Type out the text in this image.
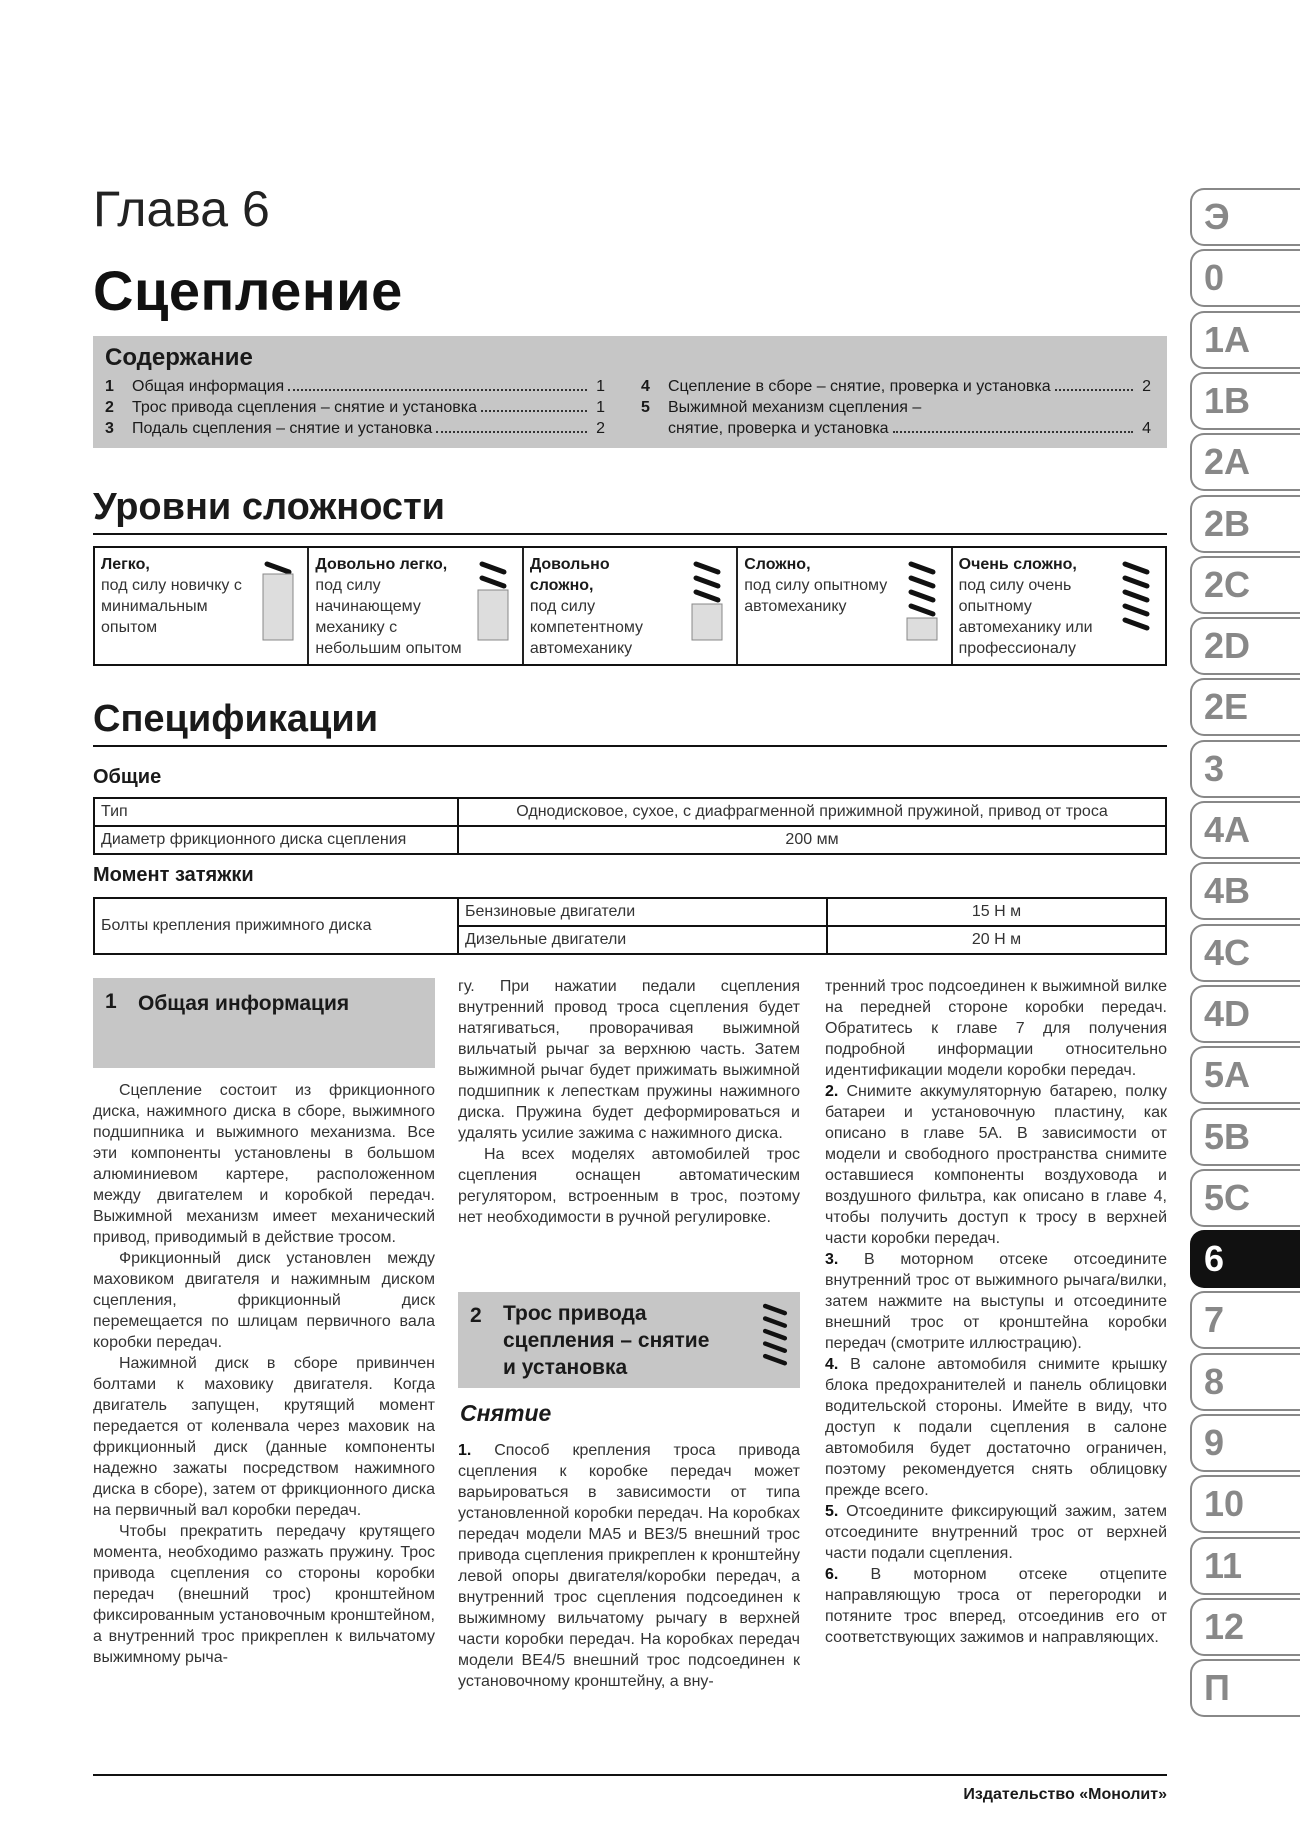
Глава 6
Сцепление
Содержание
1	Общая информация	1
2	Трос привода сцепления – снятие и установка	1
3	Подаль сцепления – снятие и установка	2
4	Сцепление в сборе – снятие, проверка и установка	2
5	Выжимной механизм сцепления –
снятие, проверка и установка	4
Уровни сложности
Легко,
под силу новичку с минимальным опытом
Довольно легко,
под силу начинающему механику с небольшим опытом
Довольно сложно,
под силу компетентному автомеханику
Сложно,
под силу опытному автомеханику
Очень сложно,
под силу очень опытному автомеханику или профессионалу
Спецификации
Общие
Тип	Однодисковое, сухое, с диафрагменной прижимной пружиной, привод от троса
Диаметр фрикционного диска сцепления	200 мм
Момент затяжки
Болты крепления прижимного диска	Бензиновые двигатели	15 Н м
	Дизельные двигатели	20 Н м
1 Общая информация

Сцепление состоит из фрикционного диска, нажимного диска в сборе, выжимного подшипника и выжимного механизма. Все эти компоненты установлены в большом алюминиевом картере, расположенном между двигателем и коробкой передач. Выжимной механизм имеет механический привод, приводимый в действие тросом.

Фрикционный диск установлен между маховиком двигателя и нажимным диском сцепления, фрикционный диск перемещается по шлицам первичного вала коробки передач.

Нажимной диск в сборе привинчен болтами к маховику двигателя. Когда двигатель запущен, крутящий момент передается от коленвала через маховик на фрикционный диск (данные компоненты надежно зажаты посредством нажимного диска в сборе), затем от фрикционного диска на первичный вал коробки передач.

Чтобы прекратить передачу крутящего момента, необходимо разжать пружину. Трос привода сцепления со стороны коробки передач (внешний трос) кронштейном фиксированным установочным кронштейном, а внутренний трос прикреплен к вильчатому выжимному рыча-

гу. При нажатии педали сцепления внутренний провод троса сцепления будет натягиваться, проворачивая выжимной вильчатый рычаг за верхнюю часть. Затем выжимной рычаг будет прижимать выжимной подшипник к лепесткам пружины нажимного диска. Пружина будет деформироваться и удалять усилие зажима с нажимного диска.

На всех моделях автомобилей трос сцепления оснащен автоматическим регулятором, встроенным в трос, поэтому нет необходимости в ручной регулировке.

2 Трос привода
сцепления – снятие
и установка
Снятие

1. Способ крепления троса привода сцепления к коробке передач может варьироваться в зависимости от типа установленной коробки передач. На коробках передач модели MA5 и BE3/5 внешний трос привода сцепления прикреплен к кронштейну левой опоры двигателя/коробки передач, а внутренний трос сцепления подсоединен к выжимному вильчатому рычагу в верхней части коробки передач. На коробках передач модели BE4/5 внешний трос подсоединен к установочному кронштейну, а вну-

тренний трос подсоединен к выжимной вилке на передней стороне коробки передач. Обратитесь к главе 7 для получения подробной информации относительно идентификации модели коробки передач.

2. Снимите аккумуляторную батарею, полку батареи и установочную пластину, как описано в главе 5А. В зависимости от модели и свободного пространства снимите оставшиеся компоненты воздуховода и воздушного фильтра, как описано в главе 4, чтобы получить доступ к тросу в верхней части коробки передач.

3. В моторном отсеке отсоедините внутренний трос от выжимного рычага/вилки, затем нажмите на выступы и отсоедините внешний трос от кронштейна коробки передач (смотрите иллюстрацию).

4. В салоне автомобиля снимите крышку блока предохранителей и панель облицовки водительской стороны. Имейте в виду, что доступ к подали сцепления в салоне автомобиля будет достаточно ограничен, поэтому рекомендуется снять облицовку прежде всего.

5. Отсоедините фиксирующий зажим, затем отсоедините внутренний трос от верхней части подали сцепления.

6. В моторном отсеке отцепите направляющую троса от перегородки и потяните трос вперед, отсоединив его от соответствующих зажимов и направляющих.

Э
0
1А
1В
2А
2В
2С
2D
2Е
3
4А
4В
4С
4D
5А
5В
5С
6
7
8
9
10
11
12
П
Издательство «Монолит»
